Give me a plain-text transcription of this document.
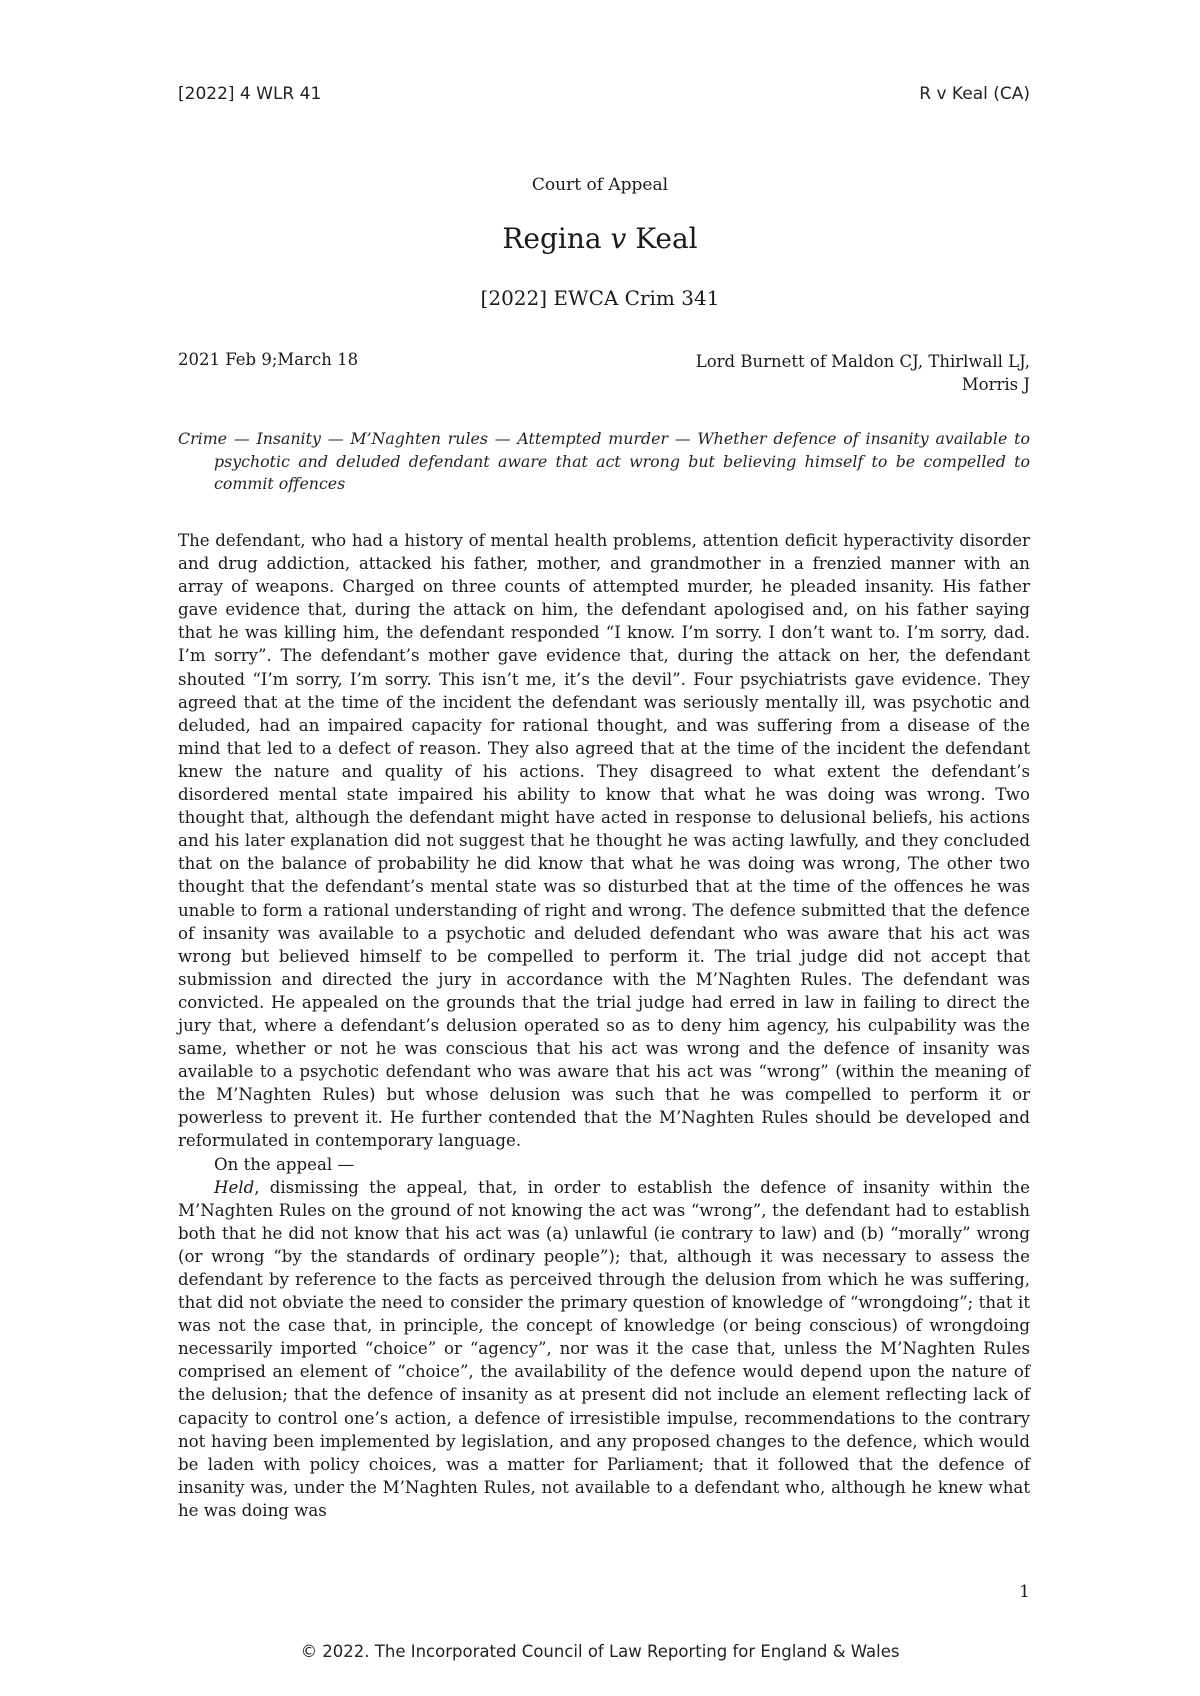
[2022] 4 WLR 41	R v Keal (CA)
Court of Appeal
Regina v Keal
[2022] EWCA Crim 341
2021 Feb 9;March 18	Lord Burnett of Maldon CJ, Thirlwall LJ,
Morris J
Crime — Insanity — M’Naghten rules — Attempted murder — Whether defence of insanity available to psychotic and deluded defendant aware that act wrong but believing himself to be compelled to commit offences

The defendant, who had a history of mental health problems, attention deficit hyperactivity disorder and drug addiction, attacked his father, mother, and grandmother in a frenzied manner with an array of weapons. Charged on three counts of attempted murder, he pleaded insanity. His father gave evidence that, during the attack on him, the defendant apologised and, on his father saying that he was killing him, the defendant responded “I know. I’m sorry. I don’t want to. I’m sorry, dad. I’m sorry”. The defendant’s mother gave evidence that, during the attack on her, the defendant shouted “I’m sorry, I’m sorry. This isn’t me, it’s the devil”. Four psychiatrists gave evidence. They agreed that at the time of the incident the defendant was seriously mentally ill, was psychotic and deluded, had an impaired capacity for rational thought, and was suffering from a disease of the mind that led to a defect of reason. They also agreed that at the time of the incident the defendant knew the nature and quality of his actions. They disagreed to what extent the defendant’s disordered mental state impaired his ability to know that what he was doing was wrong. Two thought that, although the defendant might have acted in response to delusional beliefs, his actions and his later explanation did not suggest that he thought he was acting lawfully, and they concluded that on the balance of probability he did know that what he was doing was wrong, The other two thought that the defendant’s mental state was so disturbed that at the time of the offences he was unable to form a rational understanding of right and wrong. The defence submitted that the defence of insanity was available to a psychotic and deluded defendant who was aware that his act was wrong but believed himself to be compelled to perform it. The trial judge did not accept that submission and directed the jury in accordance with the M’Naghten Rules. The defendant was convicted. He appealed on the grounds that the trial judge had erred in law in failing to direct the jury that, where a defendant’s delusion operated so as to deny him agency, his culpability was the same, whether or not he was conscious that his act was wrong and the defence of insanity was available to a psychotic defendant who was aware that his act was “wrong” (within the meaning of the M’Naghten Rules) but whose delusion was such that he was compelled to perform it or powerless to prevent it. He further contended that the M’Naghten Rules should be developed and reformulated in contemporary language.

On the appeal —

Held, dismissing the appeal, that, in order to establish the defence of insanity within the M’Naghten Rules on the ground of not knowing the act was “wrong”, the defendant had to establish both that he did not know that his act was (a) unlawful (ie contrary to law) and (b) “morally” wrong (or wrong “by the standards of ordinary people”); that, although it was necessary to assess the defendant by reference to the facts as perceived through the delusion from which he was suffering, that did not obviate the need to consider the primary question of knowledge of “wrongdoing”; that it was not the case that, in principle, the concept of knowledge (or being conscious) of wrongdoing necessarily imported “choice” or “agency”, nor was it the case that, unless the M’Naghten Rules comprised an element of “choice”, the availability of the defence would depend upon the nature of the delusion; that the defence of insanity as at present did not include an element reflecting lack of capacity to control one’s action, a defence of irresistible impulse, recommendations to the contrary not having been implemented by legislation, and any proposed changes to the defence, which would be laden with policy choices, was a matter for Parliament; that it followed that the defence of insanity was, under the M’Naghten Rules, not available to a defendant who, although he knew what he was doing was

1
© 2022. The Incorporated Council of Law Reporting for England & Wales
